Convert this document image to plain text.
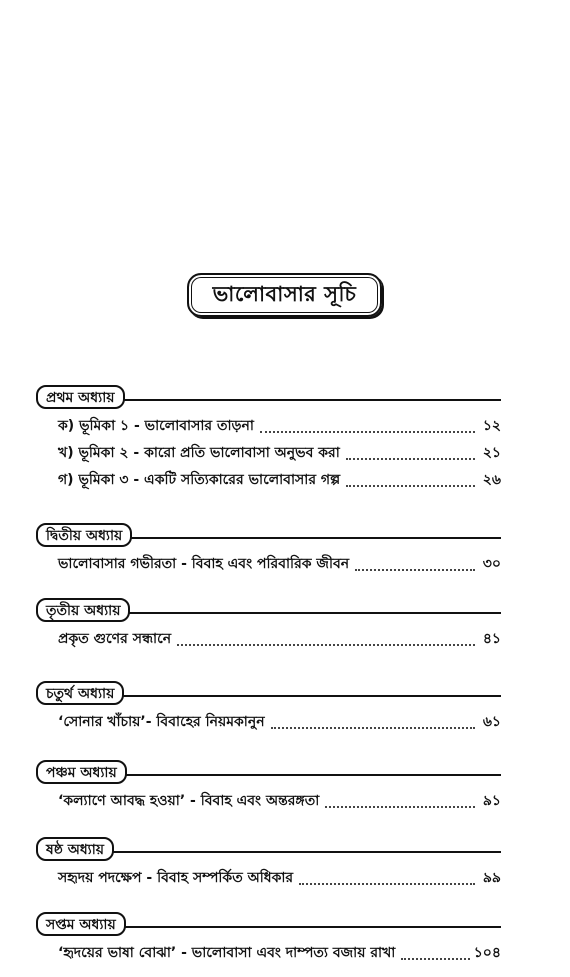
ভালোবাসার সূচি
প্রথম অধ্যায়
ক) ভূমিকা ১ - ভালোবাসার তাড়না	১২
খ) ভূমিকা ২ - কারো প্রতি ভালোবাসা অনুভব করা	২১
গ) ভূমিকা ৩ - একটি সত্যিকারের ভালোবাসার গল্প	২৬
দ্বিতীয় অধ্যায়
ভালোবাসার গভীরতা - বিবাহ এবং পরিবারিক জীবন	৩০
তৃতীয় অধ্যায়
প্রকৃত গুণের সন্ধানে	৪১
চতুর্থ অধ্যায়
‘সোনার খাঁচায়’- বিবাহের নিয়মকানুন	৬১
পঞ্চম অধ্যায়
‘কল্যাণে আবদ্ধ হওয়া’ - বিবাহ এবং অন্তরঙ্গতা	৯১
ষষ্ঠ অধ্যায়
সহৃদয় পদক্ষেপ - বিবাহ সম্পর্কিত অধিকার	৯৯
সপ্তম অধ্যায়
‘হৃদয়ের ভাষা বোঝা’ - ভালোবাসা এবং দাম্পত্য বজায় রাখা	১০৪
